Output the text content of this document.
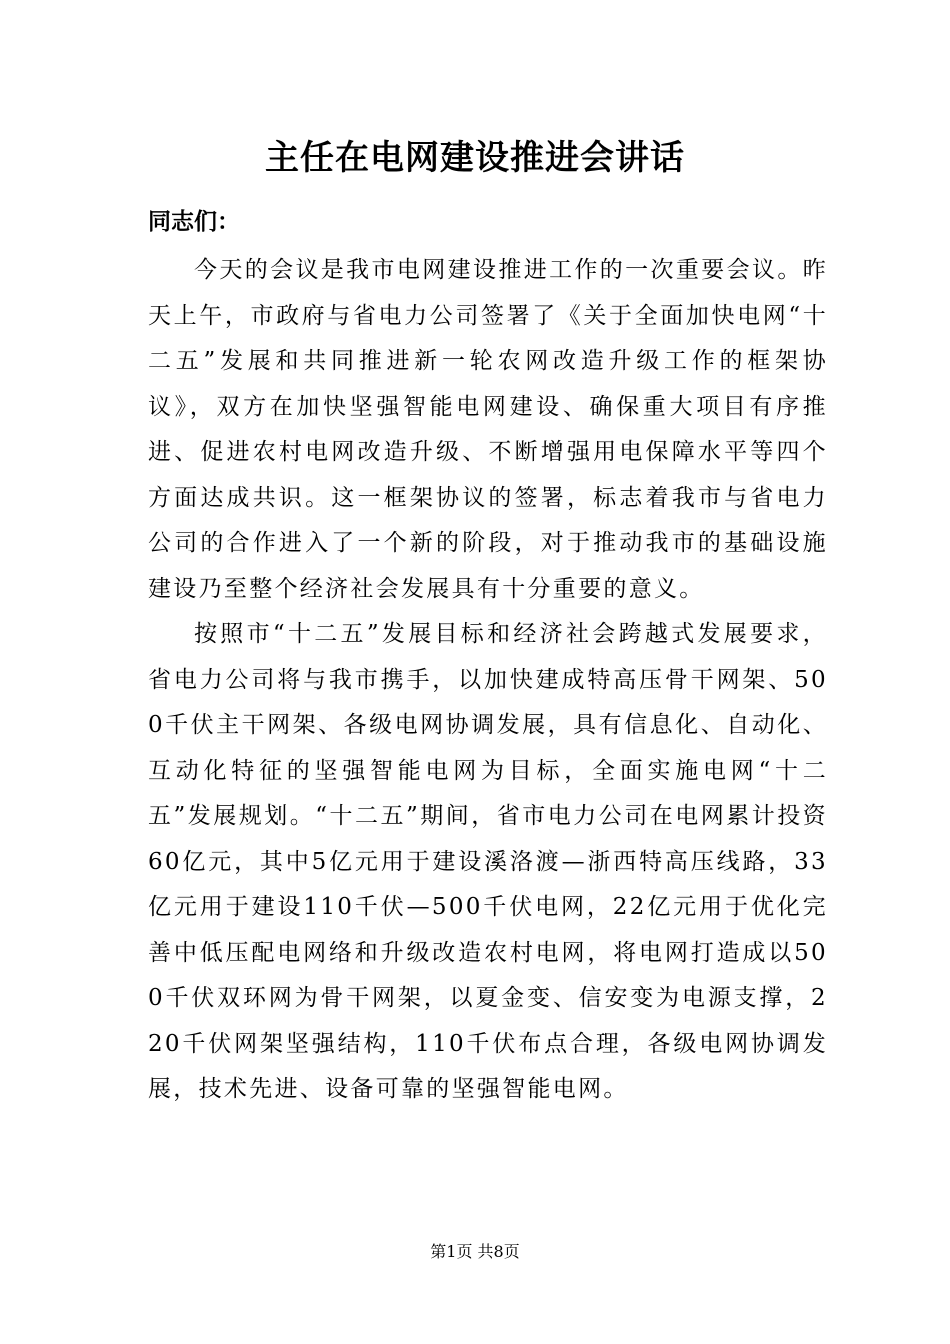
主任在电网建设推进会讲话

同志们：

今天的会议是我市电网建设推进工作的一次重要会议。昨天上午，市政府与省电力公司签署了《关于全面加快电网“十二五”发展和共同推进新一轮农网改造升级工作的框架协议》，双方在加快坚强智能电网建设、确保重大项目有序推进、促进农村电网改造升级、不断增强用电保障水平等四个方面达成共识。这一框架协议的签署，标志着我市与省电力公司的合作进入了一个新的阶段，对于推动我市的基础设施建设乃至整个经济社会发展具有十分重要的意义。

按照市“十二五”发展目标和经济社会跨越式发展要求，省电力公司将与我市携手，以加快建成特高压骨干网架、500千伏主干网架、各级电网协调发展，具有信息化、自动化、互动化特征的坚强智能电网为目标，全面实施电网“十二五”发展规划。“十二五”期间，省市电力公司在电网累计投资60亿元，其中5亿元用于建设溪洛渡—浙西特高压线路，33亿元用于建设110千伏—500千伏电网，22亿元用于优化完善中低压配电网络和升级改造农村电网，将电网打造成以500千伏双环网为骨干网架，以夏金变、信安变为电源支撑，220千伏网架坚强结构，110千伏布点合理，各级电网协调发展，技术先进、设备可靠的坚强智能电网。

第1页 共8页
